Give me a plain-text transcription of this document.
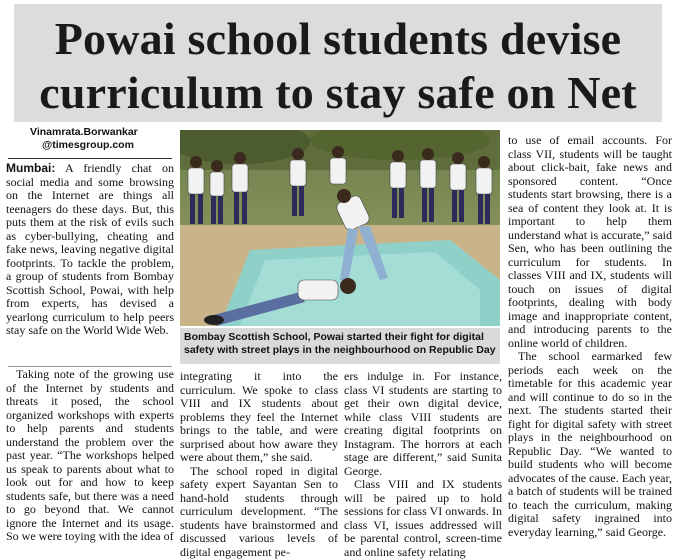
Powai school students devise
curriculum to stay safe on Net
Vinamrata.Borwankar
@timesgroup.com

Mumbai: A friendly chat on social media and some browsing on the Internet are things all teenagers do these days. But, this puts them at the risk of evils such as cyber-bullying, cheating and fake news, leaving negative digital footprints. To tackle the problem, a group of students from Bombay Scottish School, Powai, with help from experts, has devised a yearlong curriculum to help peers stay safe on the World Wide Web.

Taking note of the growing use of the Internet by students and threats it posed, the school organized workshops with experts to help parents and students understand the problem over the past year. “The workshops helped us speak to parents about what to look out for and how to keep students safe, but there was a need to go beyond that. We cannot ignore the Internet and its usage. So we were toying with the idea of

Bombay Scottish School, Powai started their fight for digital safety with street plays in the neighbourhood on Republic Day

integrating it into the curriculum. We spoke to class VIII and IX students about problems they feel the Internet brings to the table, and were surprised about how aware they were about them,” she said.

The school roped in digital safety expert Sayantan Sen to hand-hold students through curriculum development. “The students have brainstormed and discussed various levels of digital engagement pe-

ers indulge in. For instance, class VI students are starting to get their own digital device, while class VIII students are creating digital footprints on Instagram. The horrors at each stage are different,” said Sunita George.

Class VIII and IX students will be paired up to hold sessions for class VI onwards. In class VI, issues addressed will be parental control, screen-time and online safety relating

to use of email accounts. For class VII, students will be taught about click-bait, fake news and sponsored content. “Once students start browsing, there is a sea of content they look at. It is important to help them understand what is accurate,” said Sen, who has been outlining the curriculum for students. In classes VIII and IX, students will touch on issues of digital footprints, dealing with body image and inappropriate content, and introducing parents to the online world of children.

The school earmarked few periods each week on the timetable for this academic year and will continue to do so in the next. The students started their fight for digital safety with street plays in the neighbourhood on Republic Day. “We wanted to build students who will become advocates of the cause. Each year, a batch of students will be trained to teach the curriculum, making digital safety ingrained into everyday learning,” said George.
